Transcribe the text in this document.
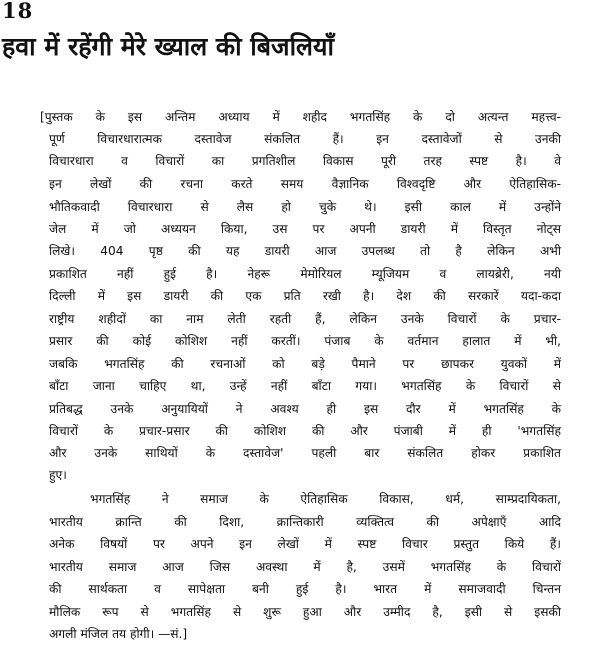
18
हवा में रहेंगी मेरे ख्याल की बिजलियाँ
[पुस्तक के इस अन्तिम अध्याय में शहीद भगतसिंह के दो अत्यन्त महत्त्व-
पूर्ण विचारधारात्मक दस्तावेज संकलित हैं। इन दस्तावेजों से उनकी
विचारधारा व विचारों का प्रगतिशील विकास पूरी तरह स्पष्ट है। वे
इन लेखों की रचना करते समय वैज्ञानिक विश्वदृष्टि और ऐतिहासिक-
भौतिकवादी विचारधारा से लैस हो चुके थे। इसी काल में उन्होंने
जेल में जो अध्ययन किया, उस पर अपनी डायरी में विस्तृत नोट्स
लिखे। 404 पृष्ठ की यह डायरी आज उपलब्ध तो है लेकिन अभी
प्रकाशित नहीं हुई है। नेहरू मेमोरियल म्यूजियम व लायब्रेरी, नयी
दिल्ली में इस डायरी की एक प्रति रखी है। देश की सरकारें यदा-कदा
राष्ट्रीय शहीदों का नाम लेती रहती हैं, लेकिन उनके विचारों के प्रचार-
प्रसार की कोई कोशिश नहीं करतीं। पंजाब के वर्तमान हालात में भी,
जबकि भगतसिंह की रचनाओं को बड़े पैमाने पर छापकर युवकों में
बाँटा जाना चाहिए था, उन्हें नहीं बाँटा गया। भगतसिंह के विचारों से
प्रतिबद्ध उनके अनुयायियों ने अवश्य ही इस दौर में भगतसिंह के
विचारों के प्रचार-प्रसार की कोशिश की और पंजाबी में ही 'भगतसिंह
और उनके साथियों के दस्तावेज' पहली बार संकलित होकर प्रकाशित
हुए।
भगतसिंह ने समाज के ऐतिहासिक विकास, धर्म, साम्प्रदायिकता,
भारतीय क्रान्ति की दिशा, क्रान्तिकारी व्यक्तित्व की अपेक्षाएँ आदि
अनेक विषयों पर अपने इन लेखों में स्पष्ट विचार प्रस्तुत किये हैं।
भारतीय समाज आज जिस अवस्था में है, उसमें भगतसिंह के विचारों
की सार्थकता व सापेक्षता बनी हुई है। भारत में समाजवादी चिन्तन
मौलिक रूप से भगतसिंह से शुरू हुआ और उम्मीद है, इसी से इसकी
अगली मंजिल तय होगी। —सं.]
